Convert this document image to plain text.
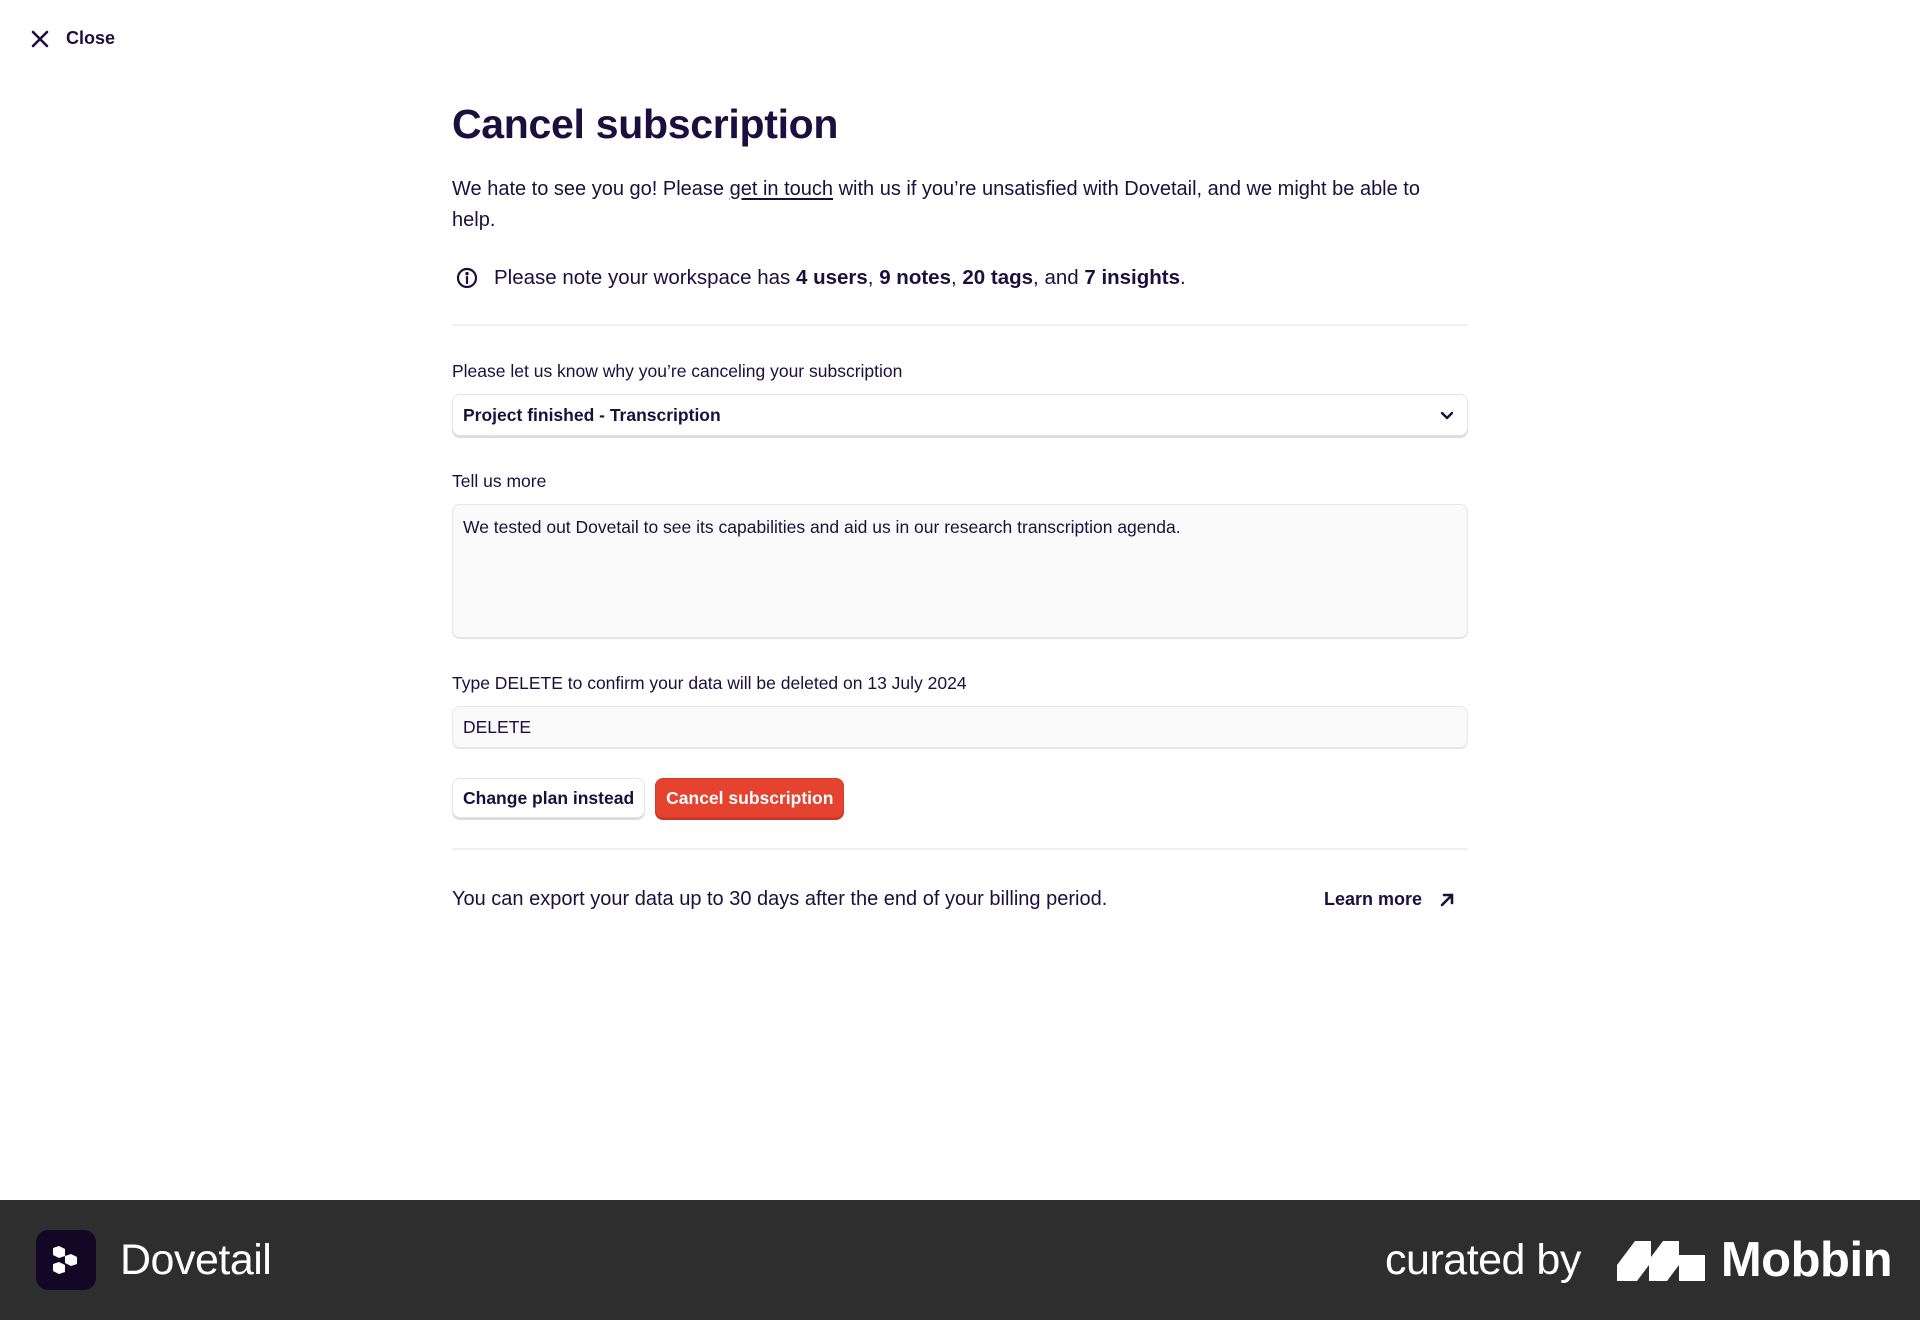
Close
Cancel subscription

We hate to see you go! Please get in touch with us if you’re unsatisfied with Dovetail, and we might be able to help.

Please note your workspace has 4 users, 9 notes, 20 tags, and 7 insights.
Please let us know why you’re canceling your subscription
Project finished - Transcription
Tell us more
We tested out Dovetail to see its capabilities and aid us in our research transcription agenda.
Type DELETE to confirm your data will be deleted on 13 July 2024
DELETE
Change plan instead	Cancel subscription
You can export your data up to 30 days after the end of your billing period.	Learn more
Dovetail	curated by	Mobbin
